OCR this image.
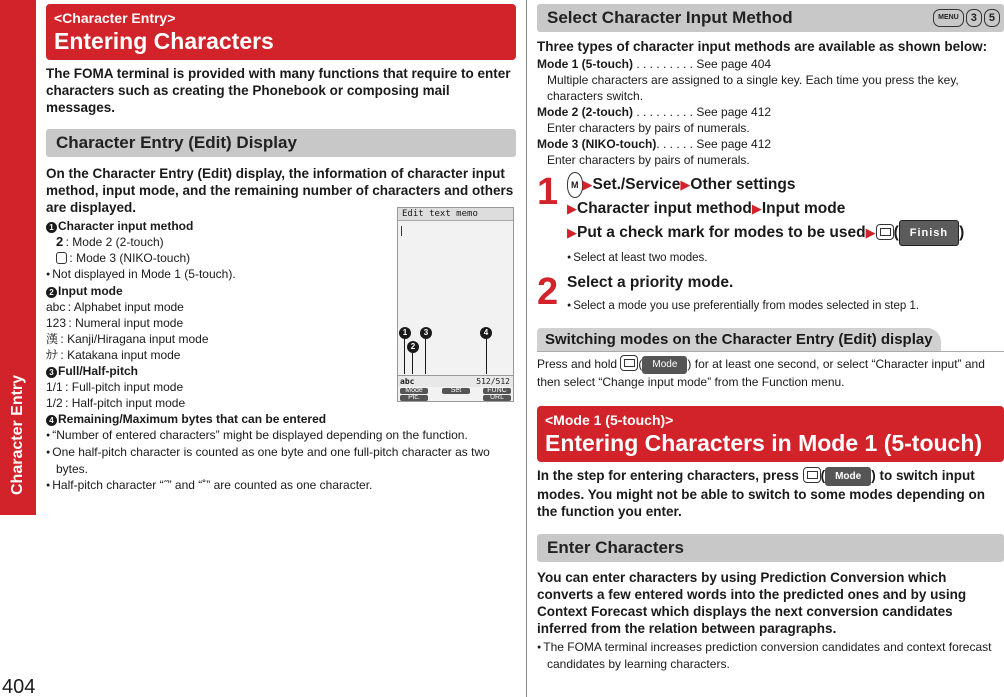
Character Entry
404
<Character Entry>
Entering Characters
The FOMA terminal is provided with many functions that require to enter characters such as creating the Phonebook or composing mail messages.
Character Entry (Edit) Display
On the Character Entry (Edit) display, the information of character input method, input mode, and the remaining number of characters and others are displayed.
1 Character input method
2 : Mode 2 (2-touch)
 : Mode 3 (NIKO-touch)
● Not displayed in Mode 1 (5-touch).
2 Input mode
abc : Alphabet input mode
123 : Numeral input mode
漢 : Kanji/Hiragana input mode
ｶﾅ : Katakana input mode
3 Full/Half-pitch
1/1 : Full-pitch input mode
1/2 : Half-pitch input mode
4 Remaining/Maximum bytes that can be entered
● “Number of entered characters” might be displayed depending on the function.
● One half-pitch character is counted as one byte and one full-pitch character as two bytes.
● Half-pitch character “˝” and “˚” are counted as one character.
Edit text memo
1
2
3	4
abc	512/512
Mode	Set	FUNC
Pic.	URL
Select Character Input Method	MENU	3	5
Three types of character input methods are available as shown below:
Mode 1 (5-touch) . . . . . . . . . See page 404
Multiple characters are assigned to a single key. Each time you press the key, characters switch.
Mode 2 (2-touch) . . . . . . . . . See page 412
Enter characters by pairs of numerals.
Mode 3 (NIKO-touch). . . . . . See page 412
Enter characters by pairs of numerals.
1	M ▶Set./Service▶Other settings
▶Character input method▶Input mode
▶Put a check mark for modes to be used▶ ( Finish )
● Select at least two modes.
2 Select a priority mode.
● Select a mode you use preferentially from modes selected in step 1.
Switching modes on the Character Entry (Edit) display
Press and hold ( Mode ) for at least one second, or select “Character input” and then select “Change input mode” from the Function menu.
<Mode 1 (5-touch)>
Entering Characters in Mode 1 (5-touch)
In the step for entering characters, press ( Mode ) to switch input modes. You might not be able to switch to some modes depending on the function you enter.
Enter Characters
You can enter characters by using Prediction Conversion which converts a few entered words into the predicted ones and by using Context Forecast which displays the next conversion candidates inferred from the relation between paragraphs.
● The FOMA terminal increases prediction conversion candidates and context forecast candidates by learning characters.
